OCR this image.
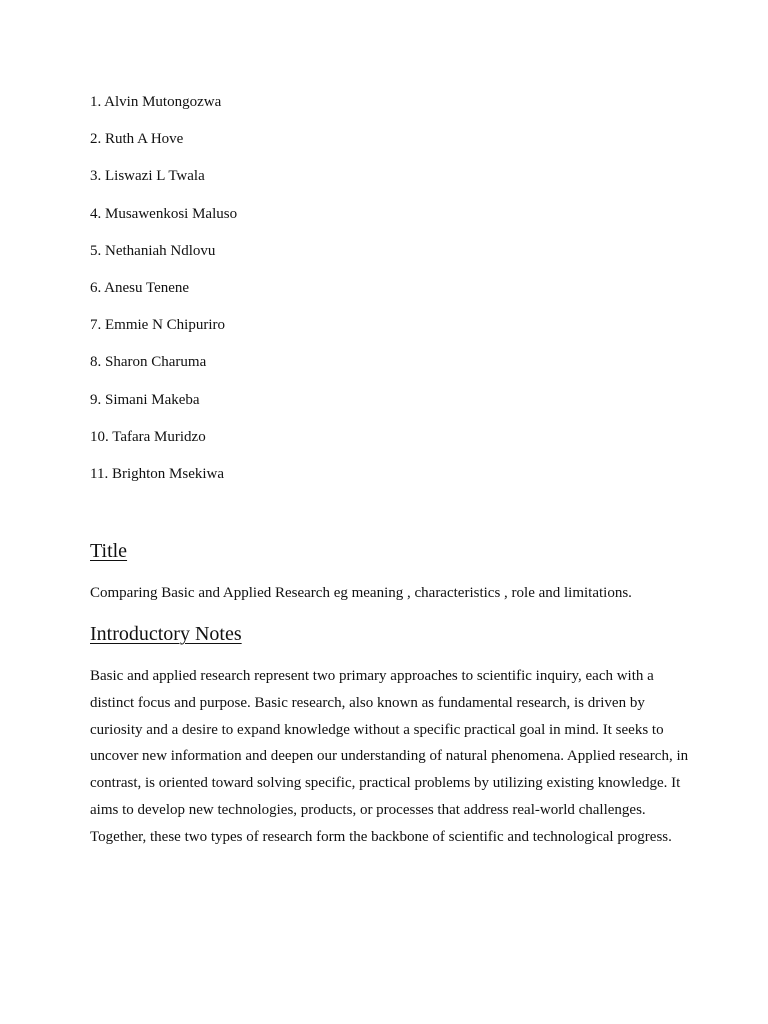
1. Alvin Mutongozwa
2. Ruth A Hove
3. Liswazi L Twala
4. Musawenkosi Maluso
5. Nethaniah Ndlovu
6. Anesu Tenene
7. Emmie N Chipuriro
8. Sharon Charuma
9. Simani Makeba
10. Tafara Muridzo
11. Brighton Msekiwa
Title

Comparing Basic and Applied Research eg meaning , characteristics , role and limitations.

Introductory Notes

Basic and applied research represent two primary approaches to scientific inquiry, each with a distinct focus and purpose. Basic research, also known as fundamental research, is driven by curiosity and a desire to expand knowledge without a specific practical goal in mind. It seeks to uncover new information and deepen our understanding of natural phenomena. Applied research, in contrast, is oriented toward solving specific, practical problems by utilizing existing knowledge. It aims to develop new technologies, products, or processes that address real-world challenges. Together, these two types of research form the backbone of scientific and technological progress.
